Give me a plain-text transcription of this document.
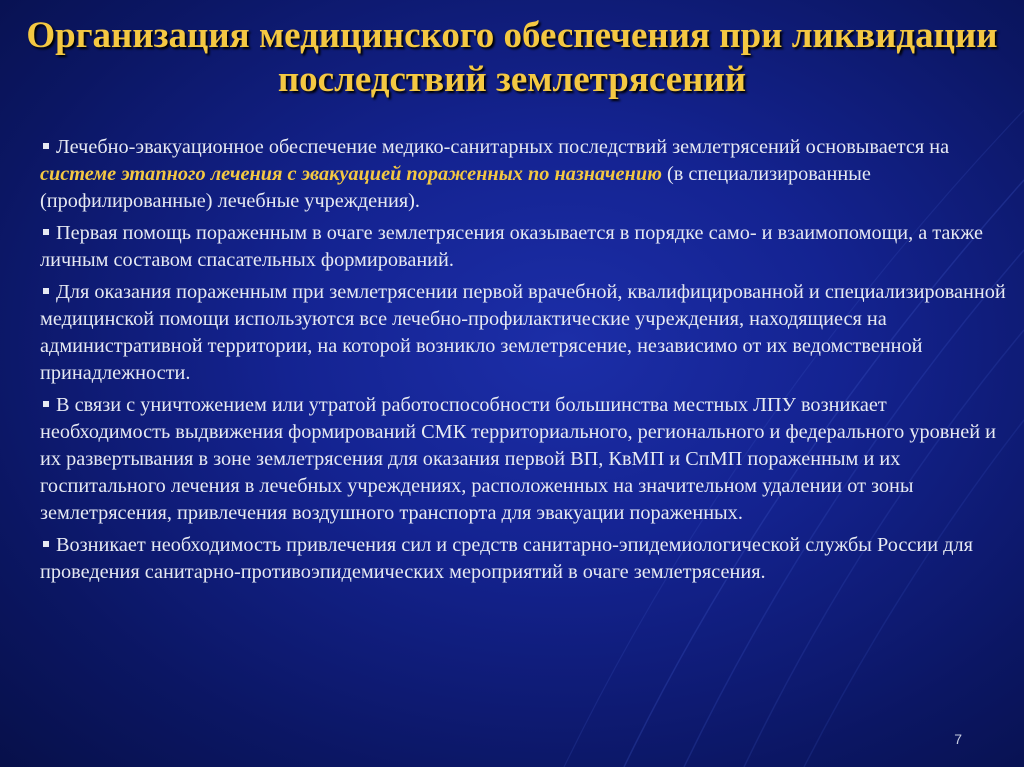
Организация медицинского обеспечения при ликвидации последствий землетрясений
Лечебно-эвакуационное обеспечение медико-санитарных последствий землетрясений основывается на системе этапного лечения с эвакуацией пораженных по назначению (в специализированные (профилированные) лечебные учреждения).
Первая помощь пораженным в очаге землетрясения оказывается в порядке само- и взаимопомощи, а также личным составом спасательных формирований.
Для оказания пораженным при землетрясении первой врачебной, квалифицированной и специализированной медицинской помощи используются все лечебно-профилактические учреждения, находящиеся на административной территории, на которой возникло землетрясение, независимо от их ведомственной принадлежности.
В связи с уничтожением или утратой работоспособности большинства местных ЛПУ возникает необходимость выдвижения формирований СМК территориального, регионального и федерального уровней и их развертывания в зоне землетрясения для оказания первой ВП, КвМП и СпМП пораженным и их госпитального лечения в лечебных учреждениях, расположенных на значительном удалении от зоны землетрясения, привлечения воздушного транспорта для эвакуации пораженных.
Возникает необходимость привлечения сил и средств санитарно-эпидемиологической службы России для проведения санитарно-противоэпидемических мероприятий в очаге землетрясения.
7
